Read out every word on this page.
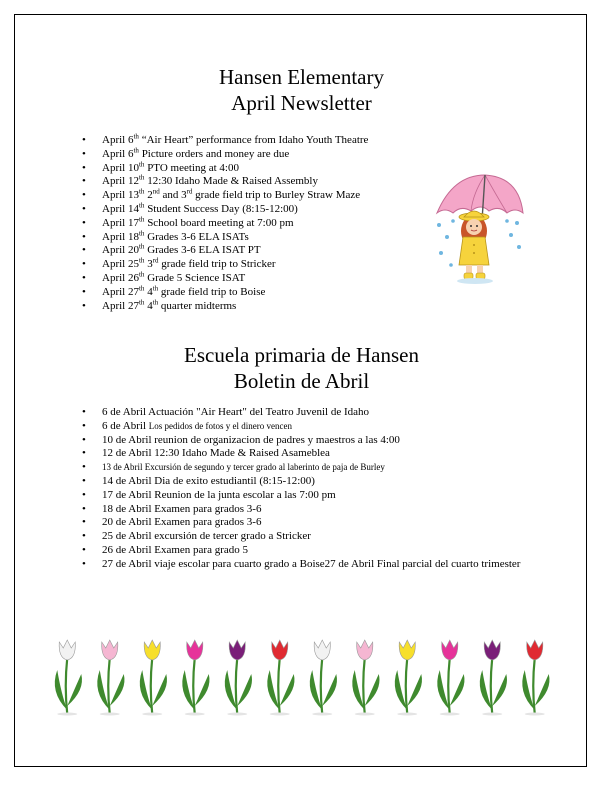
Hansen Elementary
April Newsletter
• April 6th “Air Heart” performance from Idaho Youth Theatre
• April 6th Picture orders and money are due
• April 10th PTO meeting at 4:00
• April 12th 12:30 Idaho Made & Raised Assembly
• April 13th 2nd and 3rd grade field trip to Burley Straw Maze
• April 14th Student Success Day (8:15-12:00)
• April 17th School board meeting at 7:00 pm
• April 18th Grades 3-6 ELA ISATs
• April 20th Grades 3-6 ELA ISAT PT
• April 25th 3rd grade field trip to Stricker
• April 26th Grade 5 Science ISAT
• April 27th 4th grade field trip to Boise
• April 27th 4th quarter midterms
Escuela primaria de Hansen
Boletin de Abril
• 6 de Abril Actuación "Air Heart" del Teatro Juvenil de Idaho
• 6 de Abril Los pedidos de fotos y el dinero vencen
• 10 de Abril reunion de organizacion de padres y maestros a las 4:00
• 12 de Abril 12:30 Idaho Made & Raised Asameblea
• 13 de Abril Excursión de segundo y tercer grado al laberinto de paja de Burley
• 14 de Abril Dia de exito estudiantil (8:15-12:00)
• 17 de Abril Reunion de la junta escolar a las 7:00 pm
• 18 de Abril Examen para grados 3-6
• 20 de Abril Examen para grados 3-6
• 25 de Abril excursión de tercer grado a Stricker
• 26 de Abril Examen para grado 5
• 27 de Abril viaje escolar para cuarto grado a Boise27 de Abril Final parcial del cuarto trimester
